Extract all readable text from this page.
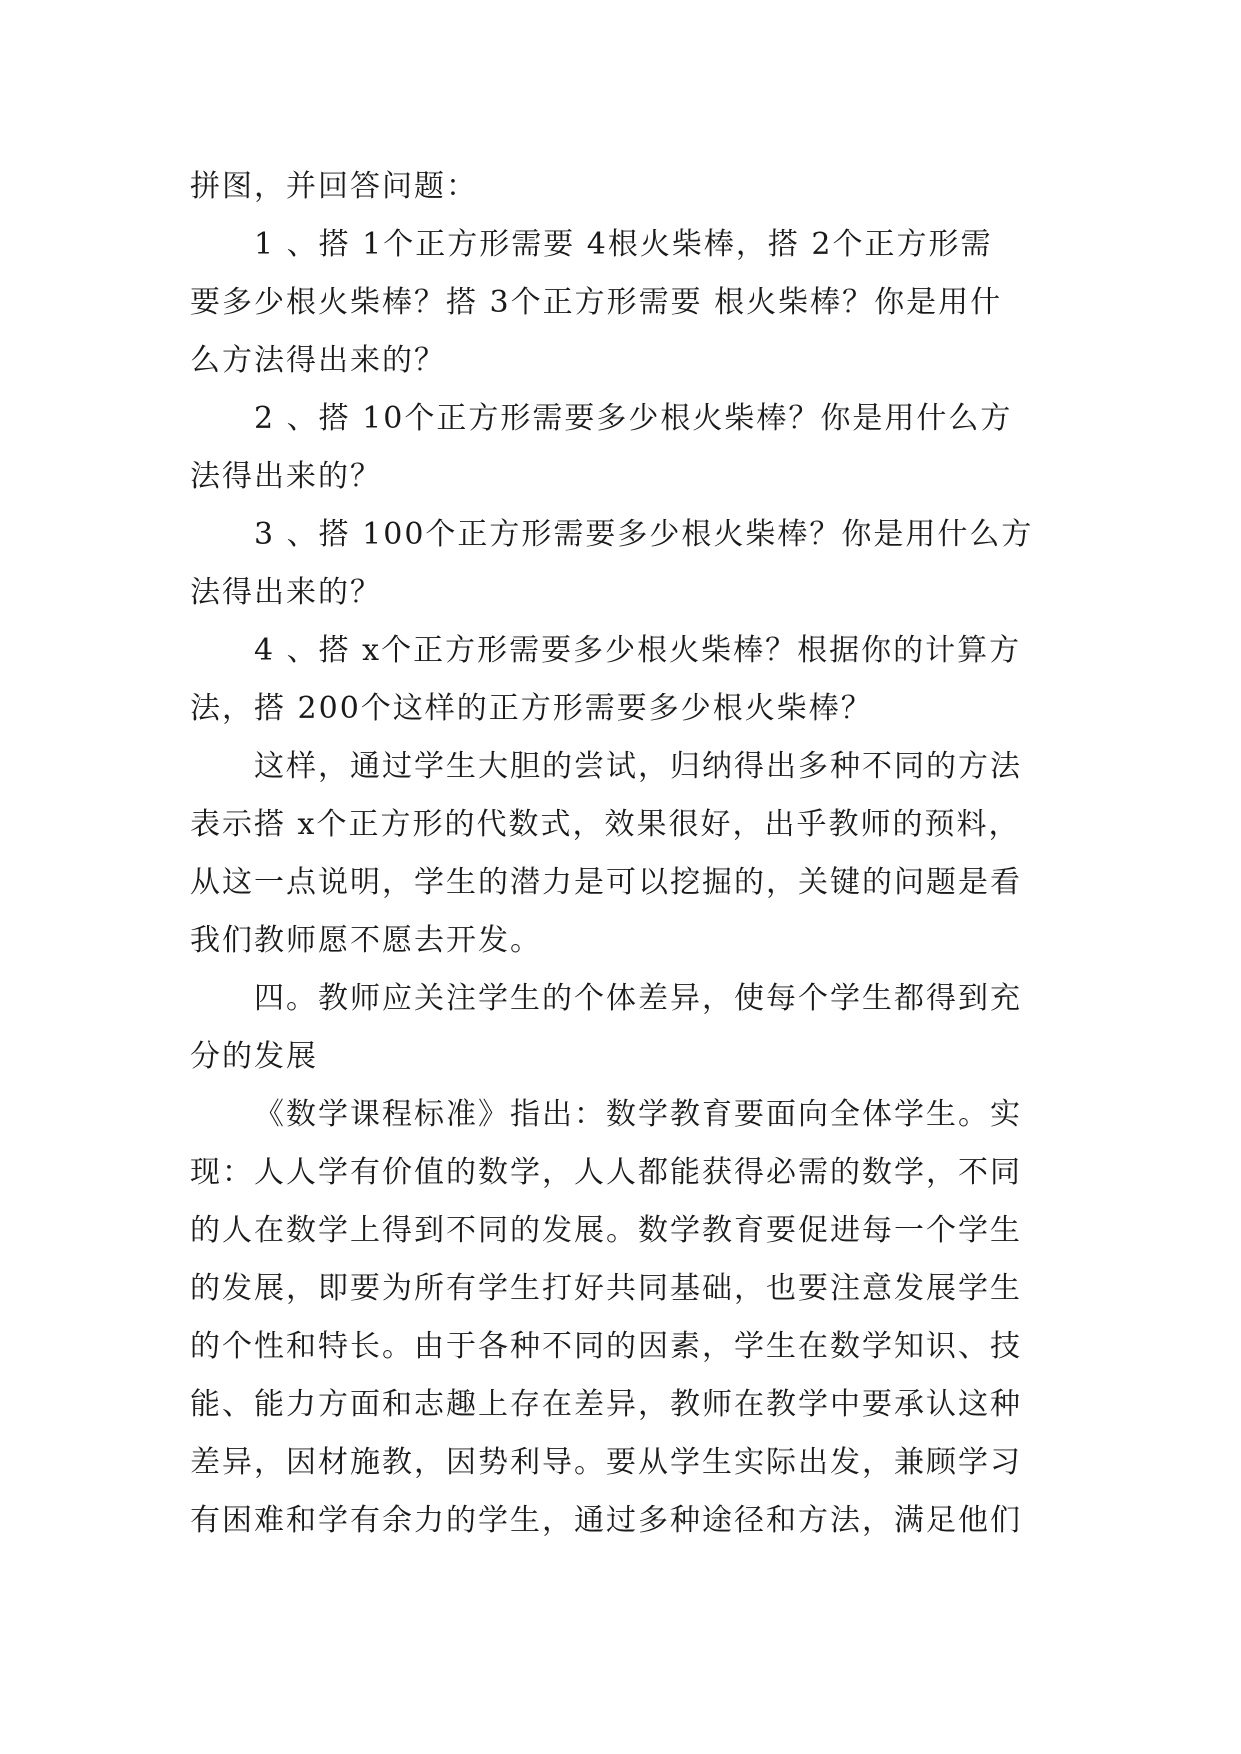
拼图，并回答问题：
1 、搭 1个正方形需要 4根火柴棒，搭 2个正方形需
要多少根火柴棒？搭 3个正方形需要 根火柴棒？你是用什
么方法得出来的？
2 、搭 10个正方形需要多少根火柴棒？你是用什么方
法得出来的？
3 、搭 100个正方形需要多少根火柴棒？你是用什么方
法得出来的？
4 、搭 x个正方形需要多少根火柴棒？根据你的计算方
法，搭 200个这样的正方形需要多少根火柴棒？
这样，通过学生大胆的尝试，归纳得出多种不同的方法
表示搭 x个正方形的代数式，效果很好，出乎教师的预料，
从这一点说明，学生的潜力是可以挖掘的，关键的问题是看
我们教师愿不愿去开发。
四。教师应关注学生的个体差异，使每个学生都得到充
分的发展
《数学课程标准》指出：数学教育要面向全体学生。实
现：人人学有价值的数学，人人都能获得必需的数学，不同
的人在数学上得到不同的发展。数学教育要促进每一个学生
的发展，即要为所有学生打好共同基础，也要注意发展学生
的个性和特长。由于各种不同的因素，学生在数学知识、技
能、能力方面和志趣上存在差异，教师在教学中要承认这种
差异，因材施教，因势利导。要从学生实际出发，兼顾学习
有困难和学有余力的学生，通过多种途径和方法，满足他们
